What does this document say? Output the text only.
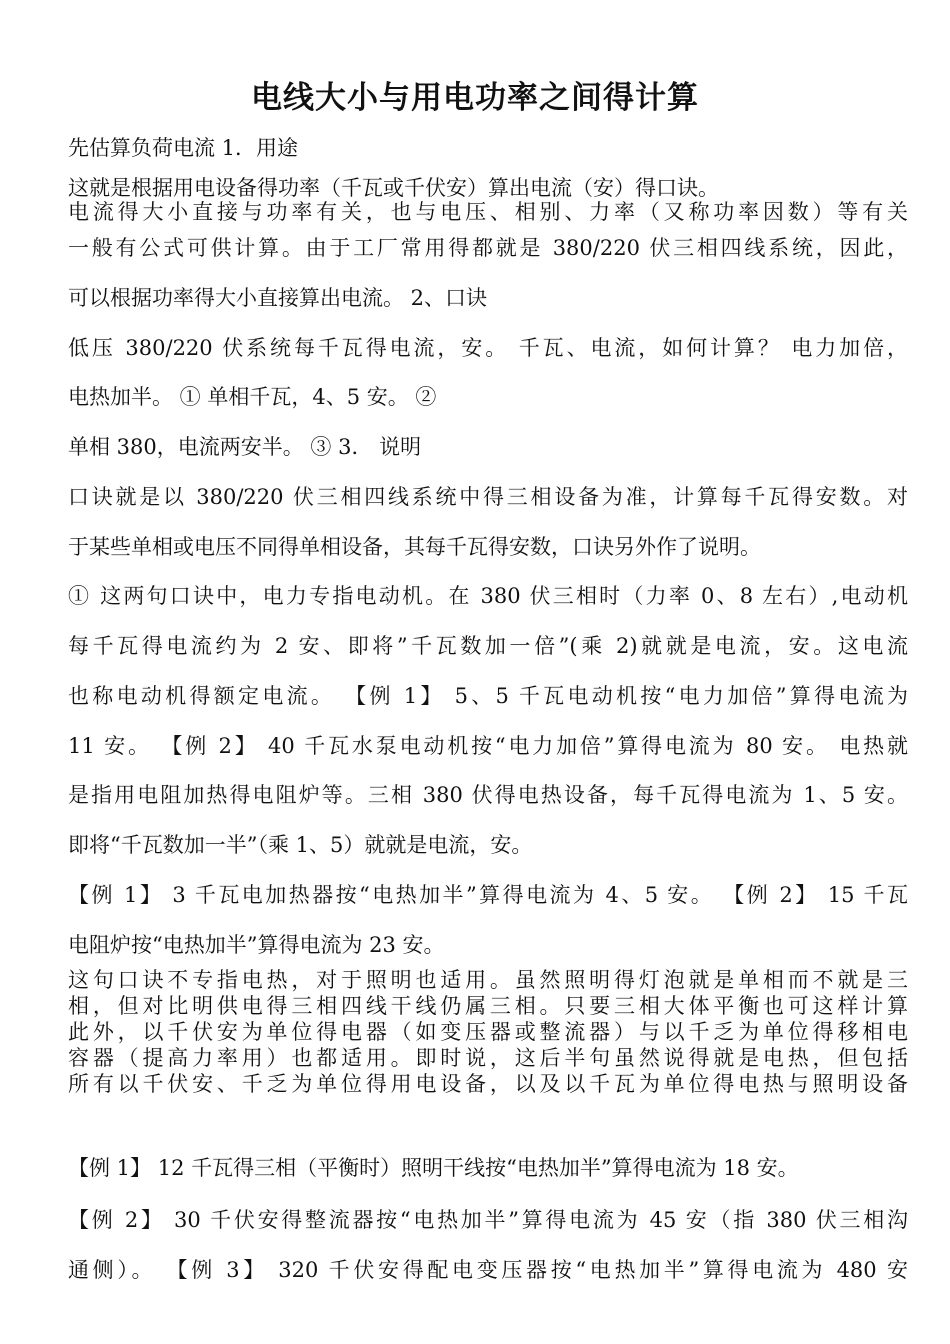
电线大小与用电功率之间得计算
先估算负荷电流 1．用途
这就是根据用电设备得功率（千瓦或千伏安）算出电流（安）得口诀。
电流得大小直接与功率有关，也与电压、相别、力率（又称功率因数）等有关
一般有公式可供计算。由于工厂常用得都就是 380/220 伏三相四线系统，因此，
可以根据功率得大小直接算出电流。 2、口诀
低压 380/220 伏系统每千瓦得电流，安。 千瓦、电流，如何计算？ 电力加倍，
电热加半。 ① 单相千瓦，4、5 安。 ②
单相 380，电流两安半。 ③ 3． 说明
口诀就是以 380/220 伏三相四线系统中得三相设备为准，计算每千瓦得安数。对
于某些单相或电压不同得单相设备，其每千瓦得安数，口诀另外作了说明。
① 这两句口诀中，电力专指电动机。在 380 伏三相时（力率 0、8 左右）,电动机
每千瓦得电流约为 2 安、即将”千瓦数加一倍”(乘 2)就就是电流，安。这电流
也称电动机得额定电流。 【例 1】 5、5 千瓦电动机按“电力加倍”算得电流为
11 安。 【例 2】 40 千瓦水泵电动机按“电力加倍”算得电流为 80 安。 电热就
是指用电阻加热得电阻炉等。三相 380 伏得电热设备，每千瓦得电流为 1、5 安。
即将“千瓦数加一半”（乘 1、5）就就是电流，安。
【例 1】 3 千瓦电加热器按“电热加半”算得电流为 4、5 安。 【例 2】 15 千瓦
电阻炉按“电热加半”算得电流为 23 安。
这句口诀不专指电热，对于照明也适用。虽然照明得灯泡就是单相而不就是三
相，但对比明供电得三相四线干线仍属三相。只要三相大体平衡也可这样计算
此外，以千伏安为单位得电器（如变压器或整流器）与以千乏为单位得移相电
容器（提高力率用）也都适用。即时说，这后半句虽然说得就是电热，但包括
所有以千伏安、千乏为单位得用电设备，以及以千瓦为单位得电热与照明设备
【例 1】 12 千瓦得三相（平衡时）照明干线按“电热加半”算得电流为 18 安。
【例 2】 30 千伏安得整流器按“电热加半”算得电流为 45 安（指 380 伏三相沟
通侧）。 【例 3】 320 千伏安得配电变压器按“电热加半”算得电流为 480 安
